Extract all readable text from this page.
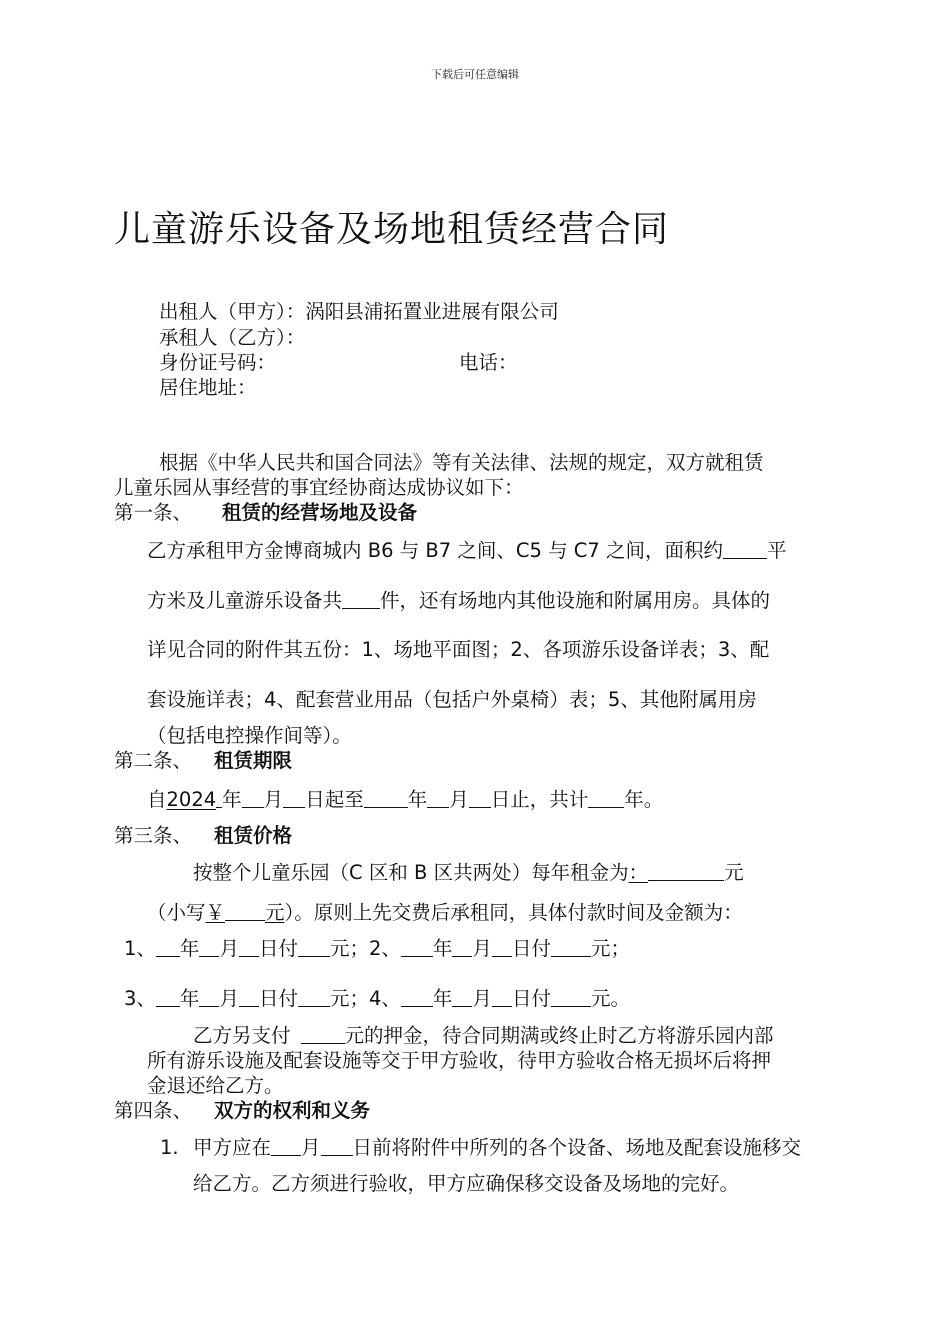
下载后可任意编辑
儿童游乐设备及场地租赁经营合同
出租人（甲方）：涡阳县浦拓置业进展有限公司
承租人（乙方）：
身份证号码：	电话：
居住地址：
根据《中华人民共和国合同法》等有关法律、法规的规定，双方就租赁
儿童乐园从事经营的事宜经协商达成协议如下：
第一条、 租赁的经营场地及设备
乙方承租甲方金博商城内 B6 与 B7 之间、C5 与 C7 之间，面积约 平
方米及儿童游乐设备共 件，还有场地内其他设施和附属用房。具体的
详见合同的附件其五份：1、场地平面图；2、各项游乐设备详表；3、配
套设施详表；4、配套营业用品（包括户外桌椅）表；5、其他附属用房
（包括电控操作间等）。
第二条、 租赁期限
自2024 年 月 日起至 年 月 日止，共计 年。
第三条、 租赁价格
按整个儿童乐园（C 区和 B 区共两处）每年租金为：	元
（小写￥ 元）。原则上先交费后承租同，具体付款时间及金额为：
1、 年 月 日付 元；2、 年 月 日付 元；
3、 年 月 日付 元；4、 年 月 日付 元。
乙方另支付	元的押金，待合同期满或终止时乙方将游乐园内部
所有游乐设施及配套设施等交于甲方验收，待甲方验收合格无损坏后将押
金退还给乙方。
第四条、 双方的权利和义务
1. 甲方应在 月 日前将附件中所列的各个设备、场地及配套设施移交
给乙方。乙方须进行验收，甲方应确保移交设备及场地的完好。
